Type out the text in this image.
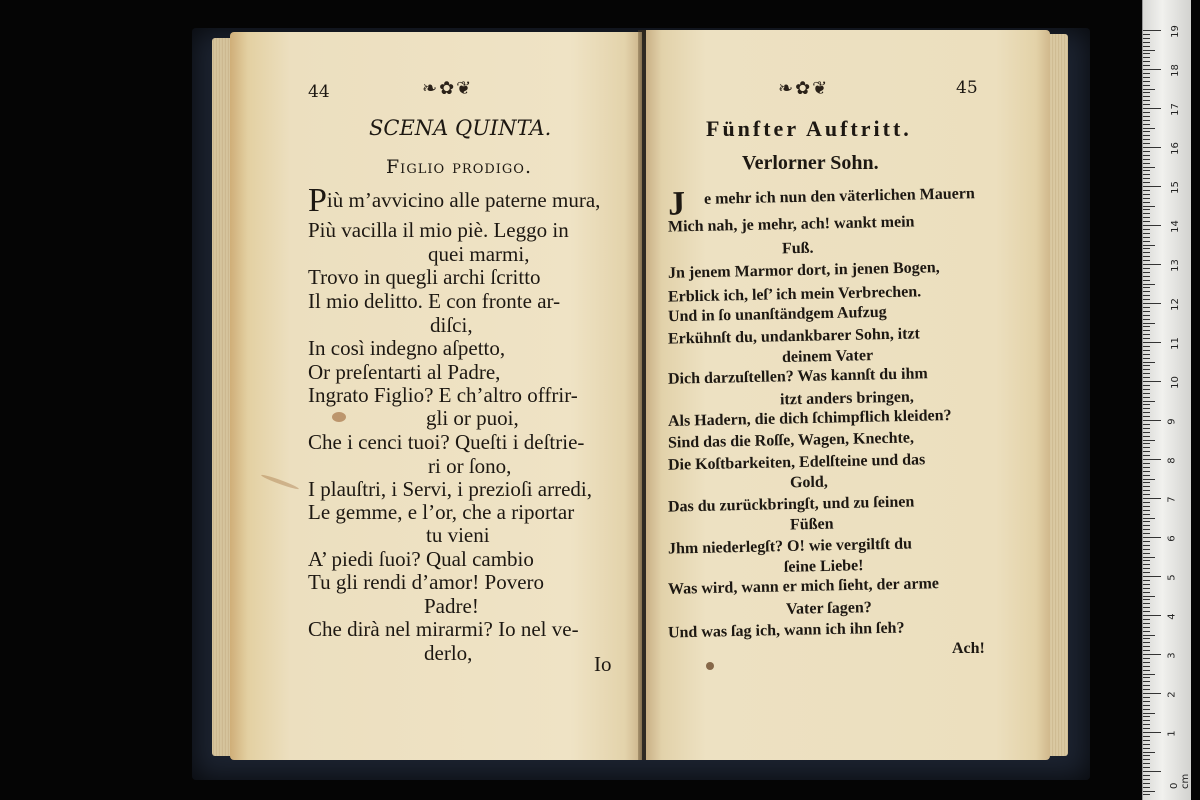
44	❧✿❦
SCENA QUINTA.
Figlio prodigo.
Più m’avvicino alle paterne mura,
Più vacilla il mio piè. Leggo in
quei marmi,
Trovo in quegli archi ſcritto
Il mio delitto. E con fronte ar-
diſci,
In così indegno aſpetto,
Or preſentarti al Padre,
Ingrato Figlio? E ch’altro offrir-
gli or puoi,
Che i cenci tuoi? Queſti i deſtrie-
ri or ſono,
I plauſtri, i Servi, i prezioſi arredi,
Le gemme, e l’or, che a riportar
tu vieni
A’ piedi ſuoi? Qual cambio
Tu gli rendi d’amor! Povero
Padre!
Che dirà nel mirarmi? Io nel ve-
derlo,	Io
45
❧✿❦
Fünfter Auftritt.
Verlorner Sohn.
J e mehr ich nun den väterlichen Mauern
Mich nah, je mehr, ach! wankt mein
Fuß.
Jn jenem Marmor dort, in jenen Bogen,
Erblick ich, leſ’ ich mein Verbrechen.
Und in ſo unanſtändgem Aufzug
Erkühnſt du, undankbarer Sohn, itzt
deinem Vater
Dich darzuſtellen? Was kannſt du ihm
itzt anders bringen,
Als Hadern, die dich ſchimpflich kleiden?
Sind das die Roſſe, Wagen, Knechte,
Die Koſtbarkeiten, Edelſteine und das
Gold,
Das du zurückbringſt, und zu ſeinen
Füßen
Jhm niederlegſt? O! wie vergiltſt du
ſeine Liebe!
Was wird, wann er mich ſieht, der arme
Vater ſagen?
Und was ſag ich, wann ich ihn ſeh?
Ach!
19
18
17
16
15
14
13
12
11
10
9
8
7
6
5
4
3
2
1
0 cm
